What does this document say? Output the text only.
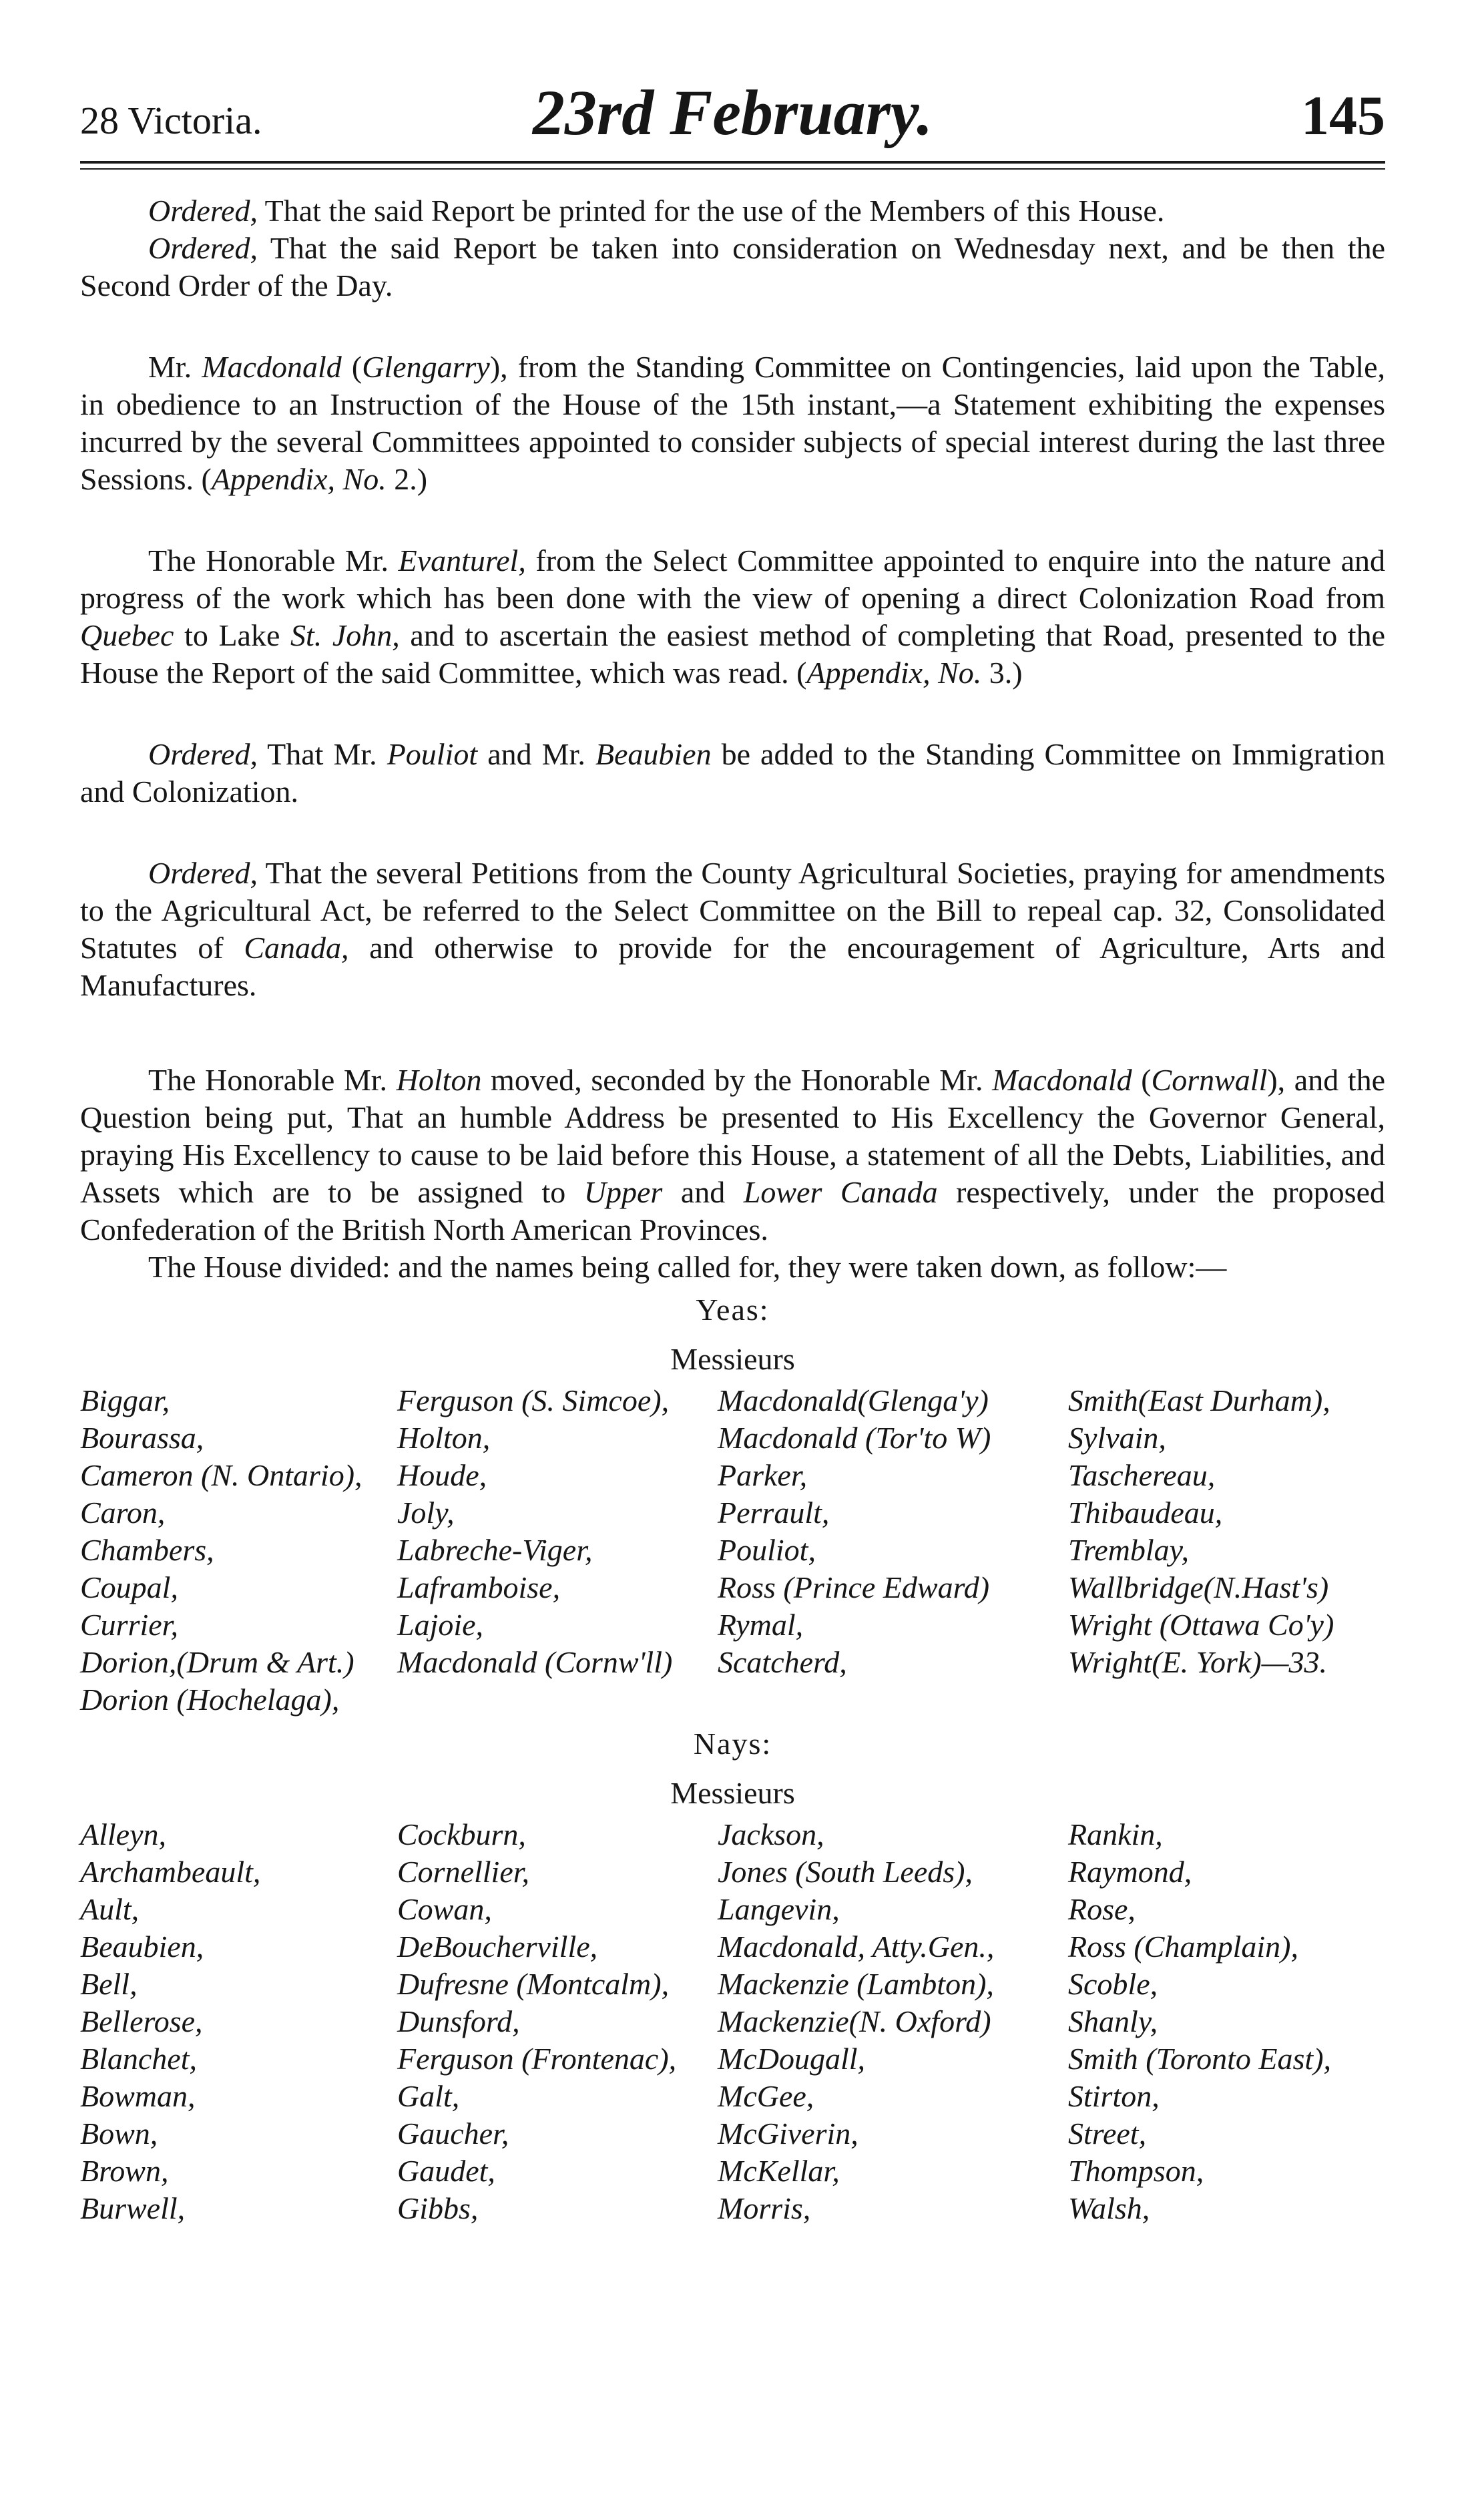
28 Victoria.	23rd February.	145

Ordered, That the said Report be printed for the use of the Members of this House.

Ordered, That the said Report be taken into consideration on Wednesday next, and be then the Second Order of the Day.

Mr. Macdonald (Glengarry), from the Standing Committee on Contingencies, laid upon the Table, in obedience to an Instruction of the House of the 15th instant,—a Statement exhibiting the expenses incurred by the several Committees appointed to consider subjects of special interest during the last three Sessions. (Appendix, No. 2.)

The Honorable Mr. Evanturel, from the Select Committee appointed to enquire into the nature and progress of the work which has been done with the view of opening a direct Colonization Road from Quebec to Lake St. John, and to ascertain the easiest method of completing that Road, presented to the House the Report of the said Committee, which was read. (Appendix, No. 3.)

Ordered, That Mr. Pouliot and Mr. Beaubien be added to the Standing Committee on Immigration and Colonization.

Ordered, That the several Petitions from the County Agricultural Societies, praying for amendments to the Agricultural Act, be referred to the Select Committee on the Bill to repeal cap. 32, Consolidated Statutes of Canada, and otherwise to provide for the encouragement of Agriculture, Arts and Manufactures.

The Honorable Mr. Holton moved, seconded by the Honorable Mr. Macdonald (Cornwall), and the Question being put, That an humble Address be presented to His Excellency the Governor General, praying His Excellency to cause to be laid before this House, a statement of all the Debts, Liabilities, and Assets which are to be assigned to Upper and Lower Canada respectively, under the proposed Confederation of the British North American Provinces.

The House divided: and the names being called for, they were taken down, as follow:—

Yeas:
Messieurs
Biggar,	Ferguson (S. Simcoe),	Macdonald(Glenga'y)	Smith(East Durham),
Bourassa,	Holton,	Macdonald (Tor'to W)	Sylvain,
Cameron (N. Ontario),	Houde,	Parker,	Taschereau,
Caron,	Joly,	Perrault,	Thibaudeau,
Chambers,	Labreche-Viger,	Pouliot,	Tremblay,
Coupal,	Laframboise,	Ross (Prince Edward)	Wallbridge(N.Hast's)
Currier,	Lajoie,	Rymal,	Wright (Ottawa Co'y)
Dorion,(Drum & Art.)	Macdonald (Cornw'll)	Scatcherd,	Wright(E. York)—33.
Dorion (Hochelaga),
Nays:
Messieurs
Alleyn,	Cockburn,	Jackson,	Rankin,
Archambeault,	Cornellier,	Jones (South Leeds),	Raymond,
Ault,	Cowan,	Langevin,	Rose,
Beaubien,	DeBoucherville,	Macdonald, Atty.Gen.,	Ross (Champlain),
Bell,	Dufresne (Montcalm),	Mackenzie (Lambton),	Scoble,
Bellerose,	Dunsford,	Mackenzie(N. Oxford)	Shanly,
Blanchet,	Ferguson (Frontenac),	McDougall,	Smith (Toronto East),
Bowman,	Galt,	McGee,	Stirton,
Bown,	Gaucher,	McGiverin,	Street,
Brown,	Gaudet,	McKellar,	Thompson,
Burwell,	Gibbs,	Morris,	Walsh,
